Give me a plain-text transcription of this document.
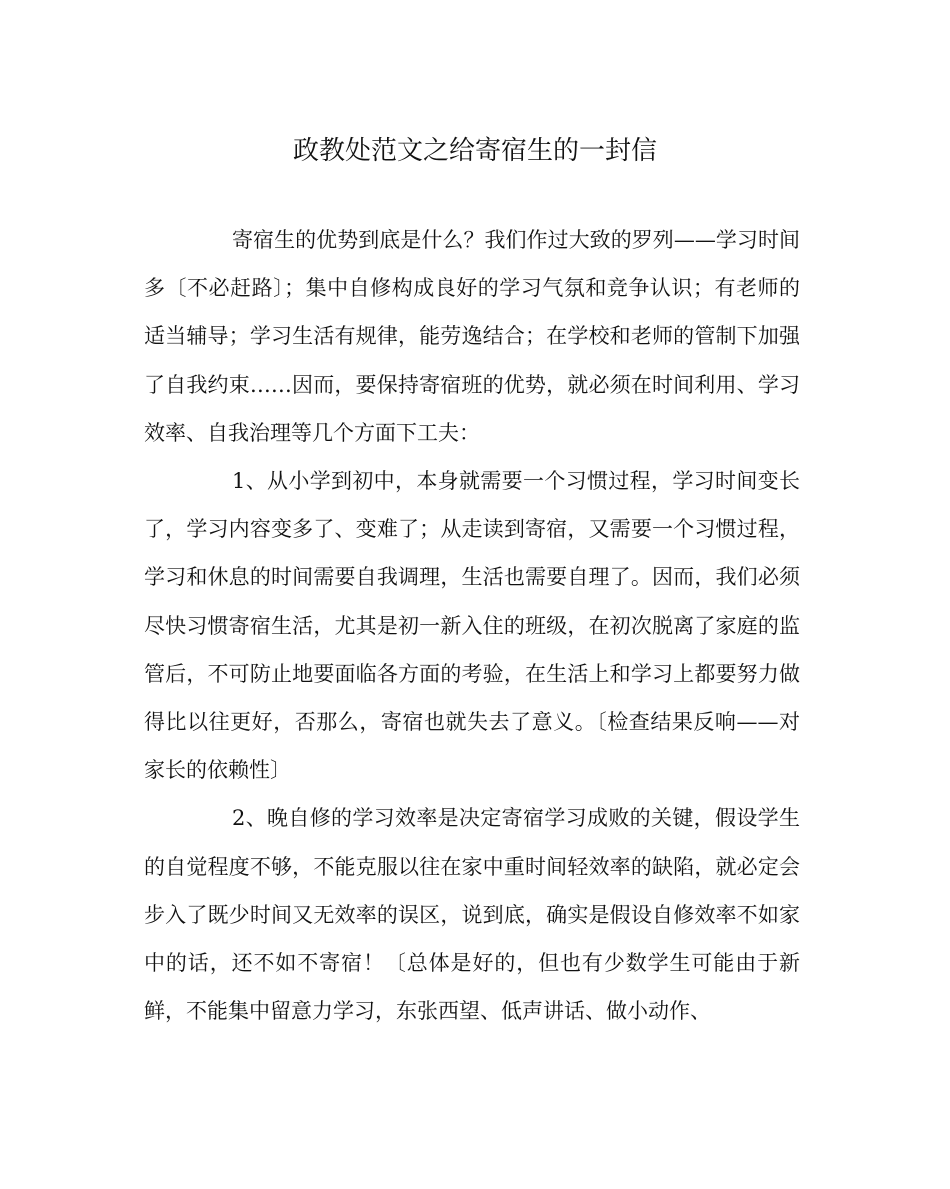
政教处范文之给寄宿生的一封信

寄宿生的优势到底是什么？我们作过大致的罗列——学习时间多〔不必赶路〕；集中自修构成良好的学习气氛和竞争认识；有老师的适当辅导；学习生活有规律，能劳逸结合；在学校和老师的管制下加强了自我约束……因而，要保持寄宿班的优势，就必须在时间利用、学习效率、自我治理等几个方面下工夫：

1、从小学到初中，本身就需要一个习惯过程，学习时间变长了，学习内容变多了、变难了；从走读到寄宿，又需要一个习惯过程，学习和休息的时间需要自我调理，生活也需要自理了。因而，我们必须尽快习惯寄宿生活，尤其是初一新入住的班级，在初次脱离了家庭的监管后，不可防止地要面临各方面的考验，在生活上和学习上都要努力做得比以往更好，否那么，寄宿也就失去了意义。〔检查结果反响——对家长的依赖性〕

2、晚自修的学习效率是决定寄宿学习成败的关键，假设学生的自觉程度不够，不能克服以往在家中重时间轻效率的缺陷，就必定会步入了既少时间又无效率的误区，说到底，确实是假设自修效率不如家中的话，还不如不寄宿！〔总体是好的，但也有少数学生可能由于新鲜，不能集中留意力学习，东张西望、低声讲话、做小动作、
